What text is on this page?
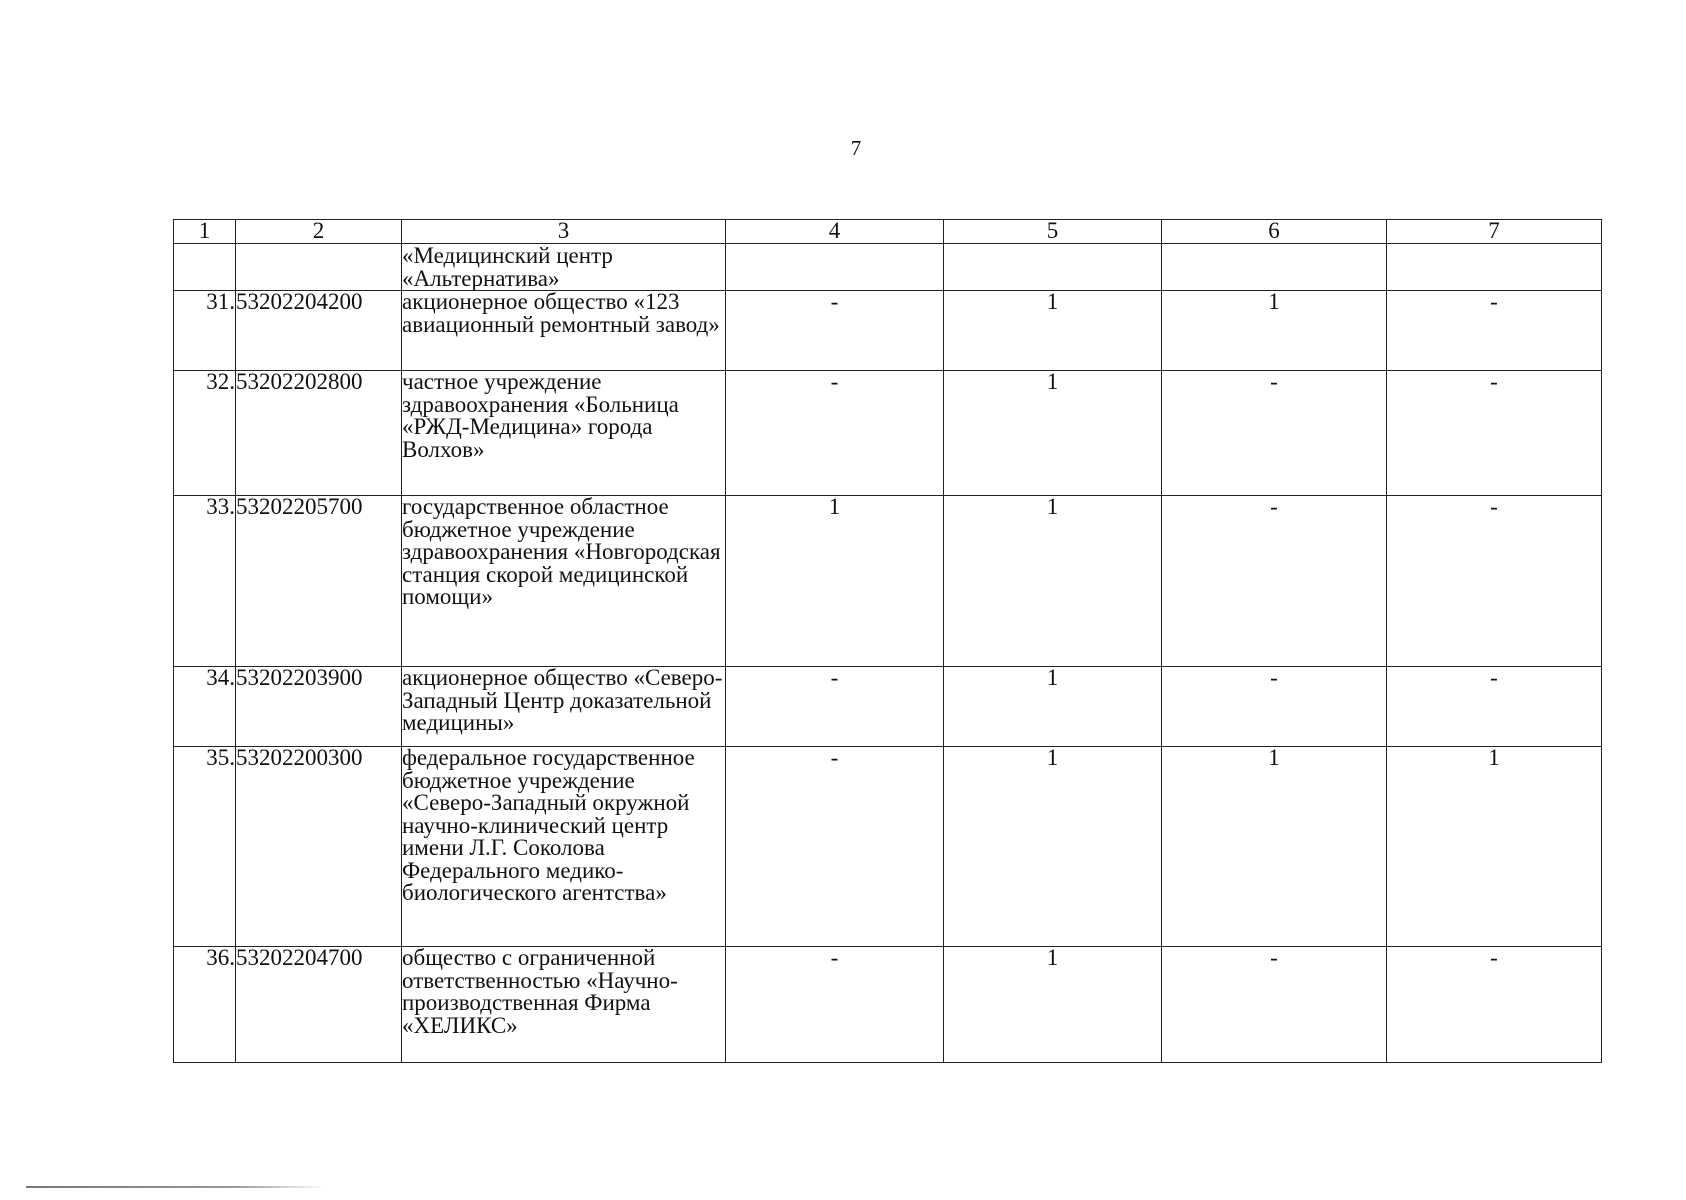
7
1	2	3	4	5	6	7
		«Медицинский центр «Альтернатива»				
31.	53202204200	акционерное общество «123 авиационный ремонтный завод»	-	1	1	-
32.	53202202800	частное учреждение здравоохранения «Больница «РЖД-Медицина» города Волхов»	-	1	-	-
33.	53202205700	государственное областное бюджетное учреждение здравоохранения «Новгородская станция скорой медицинской помощи»	1	1	-	-
34.	53202203900	акционерное общество «Северо-Западный Центр доказательной медицины»	-	1	-	-
35.	53202200300	федеральное государственное бюджетное учреждение «Северо-Западный окружной научно-клинический центр имени Л.Г. Соколова Федерального медико-биологического агентства»	-	1	1	1
36.	53202204700	общество с ограниченной ответственностью «Научно-производственная Фирма «ХЕЛИКС»	-	1	-	-
